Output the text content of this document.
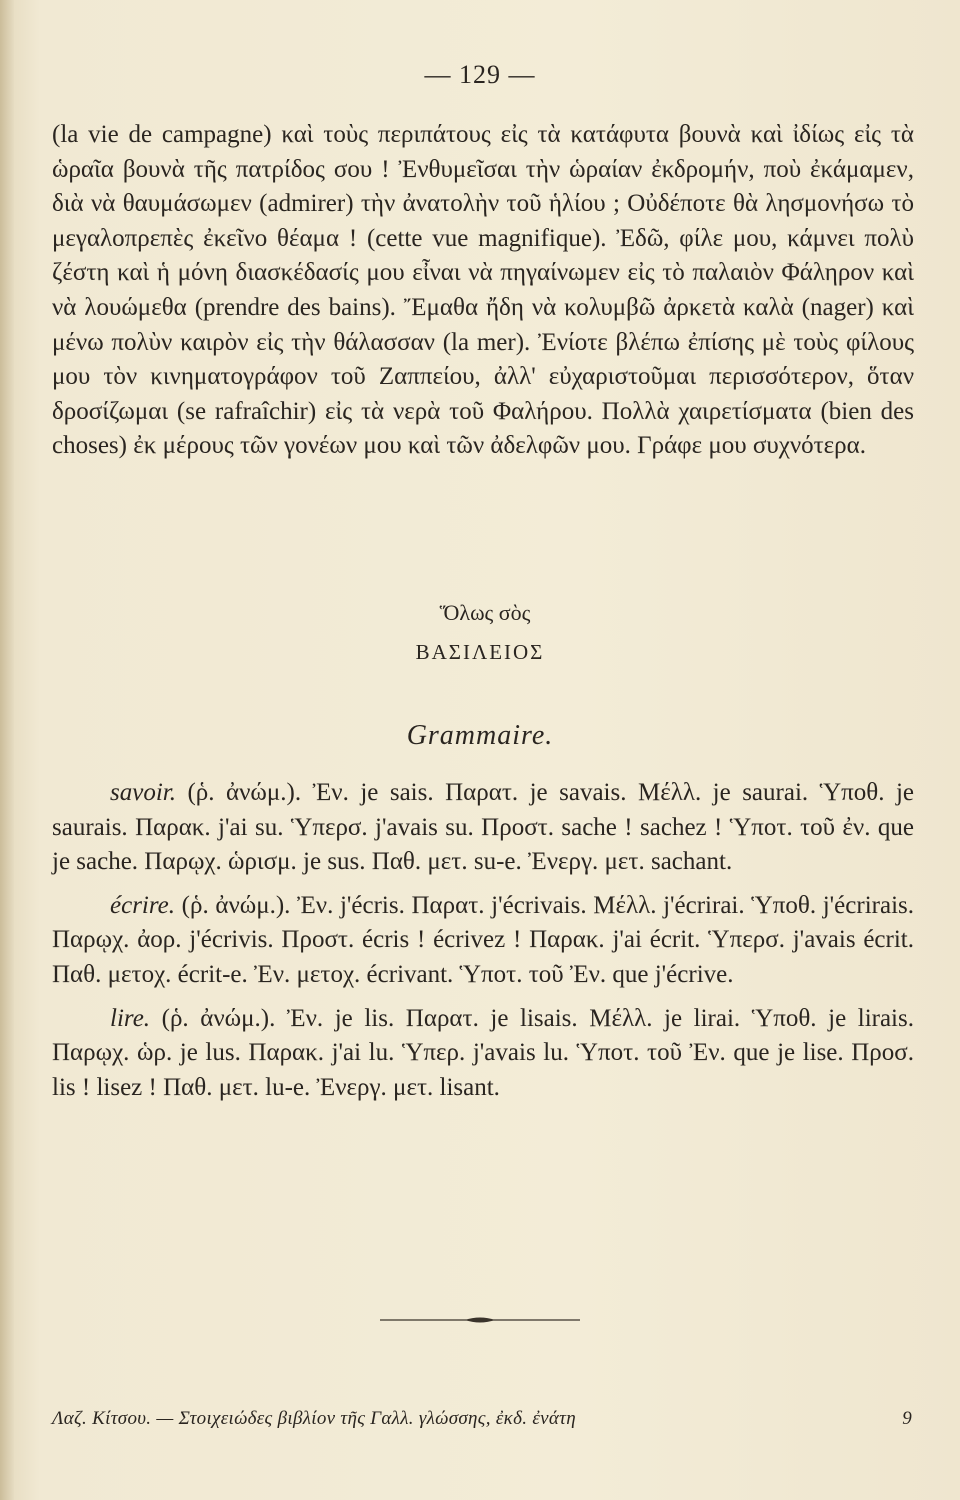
— 129 —
(la vie de campagne) καὶ τοὺς περιπάτους εἰς τὰ κατάφυτα βουνὰ καὶ ἰδίως εἰς τὰ ὡραῖα βουνὰ τῆς πατρίδος σου ! Ἐνθυμεῖσαι τὴν ὡραίαν ἐκδρομήν, ποὺ ἐκάμαμεν, διὰ νὰ θαυμάσωμεν (admirer) τὴν ἀνατολὴν τοῦ ἡλίου ; Οὐδέποτε θὰ λησμονήσω τὸ μεγαλοπρεπὲς ἐκεῖνο θέαμα ! (cette vue magnifique). Ἐδῶ, φίλε μου, κάμνει πολὺ ζέστη καὶ ἡ μόνη διασκέδασίς μου εἶναι νὰ πηγαίνωμεν εἰς τὸ παλαιὸν Φάληρον καὶ νὰ λουώμεθα (prendre des bains). Ἔμαθα ἤδη νὰ κολυμβῶ ἀρκετὰ καλὰ (nager) καὶ μένω πολὺν καιρὸν εἰς τὴν θάλασσαν (la mer). Ἐνίοτε βλέπω ἐπίσης μὲ τοὺς φίλους μου τὸν κινηματογράφον τοῦ Ζαππείου, ἀλλ' εὐχαριστοῦμαι περισσότερον, ὅταν δροσίζωμαι (se rafraîchir) εἰς τὰ νερὰ τοῦ Φαλήρου. Πολλὰ χαιρετίσματα (bien des choses) ἐκ μέρους τῶν γονέων μου καὶ τῶν ἀδελφῶν μου. Γράφε μου συχνότερα.
Ὅλως σὸς
ΒΑΣΙΛΕΙΟΣ
Grammaire.

savoir. (ῥ. ἀνώμ.). Ἐν. je sais. Παρατ. je savais. Μέλλ. je saurai. Ὑποθ. je saurais. Παρακ. j'ai su. Ὑπερσ. j'avais su. Προστ. sache ! sachez ! Ὑποτ. τοῦ ἐν. que je sache. Παρῳχ. ὡρισμ. je sus. Παθ. μετ. su-e. Ἐνεργ. μετ. sachant.

écrire. (ῥ. ἀνώμ.). Ἐν. j'écris. Παρατ. j'écrivais. Μέλλ. j'écrirai. Ὑποθ. j'écrirais. Παρῳχ. ἀορ. j'écrivis. Προστ. écris ! écrivez ! Παρακ. j'ai écrit. Ὑπερσ. j'avais écrit. Παθ. μετοχ. écrit-e. Ἐν. μετοχ. écrivant. Ὑποτ. τοῦ Ἐν. que j'écrive.

lire. (ῥ. ἀνώμ.). Ἐν. je lis. Παρατ. je lisais. Μέλλ. je lirai. Ὑποθ. je lirais. Παρῳχ. ὡρ. je lus. Παρακ. j'ai lu. Ὑπερ. j'avais lu. Ὑποτ. τοῦ Ἐν. que je lise. Προσ. lis ! lisez ! Παθ. μετ. lu-e. Ἐνεργ. μετ. lisant.

Λαζ. Κίτσου. — Στοιχειώδες βιβλίον τῆς Γαλλ. γλώσσης, ἐκδ. ἐνάτη	9
